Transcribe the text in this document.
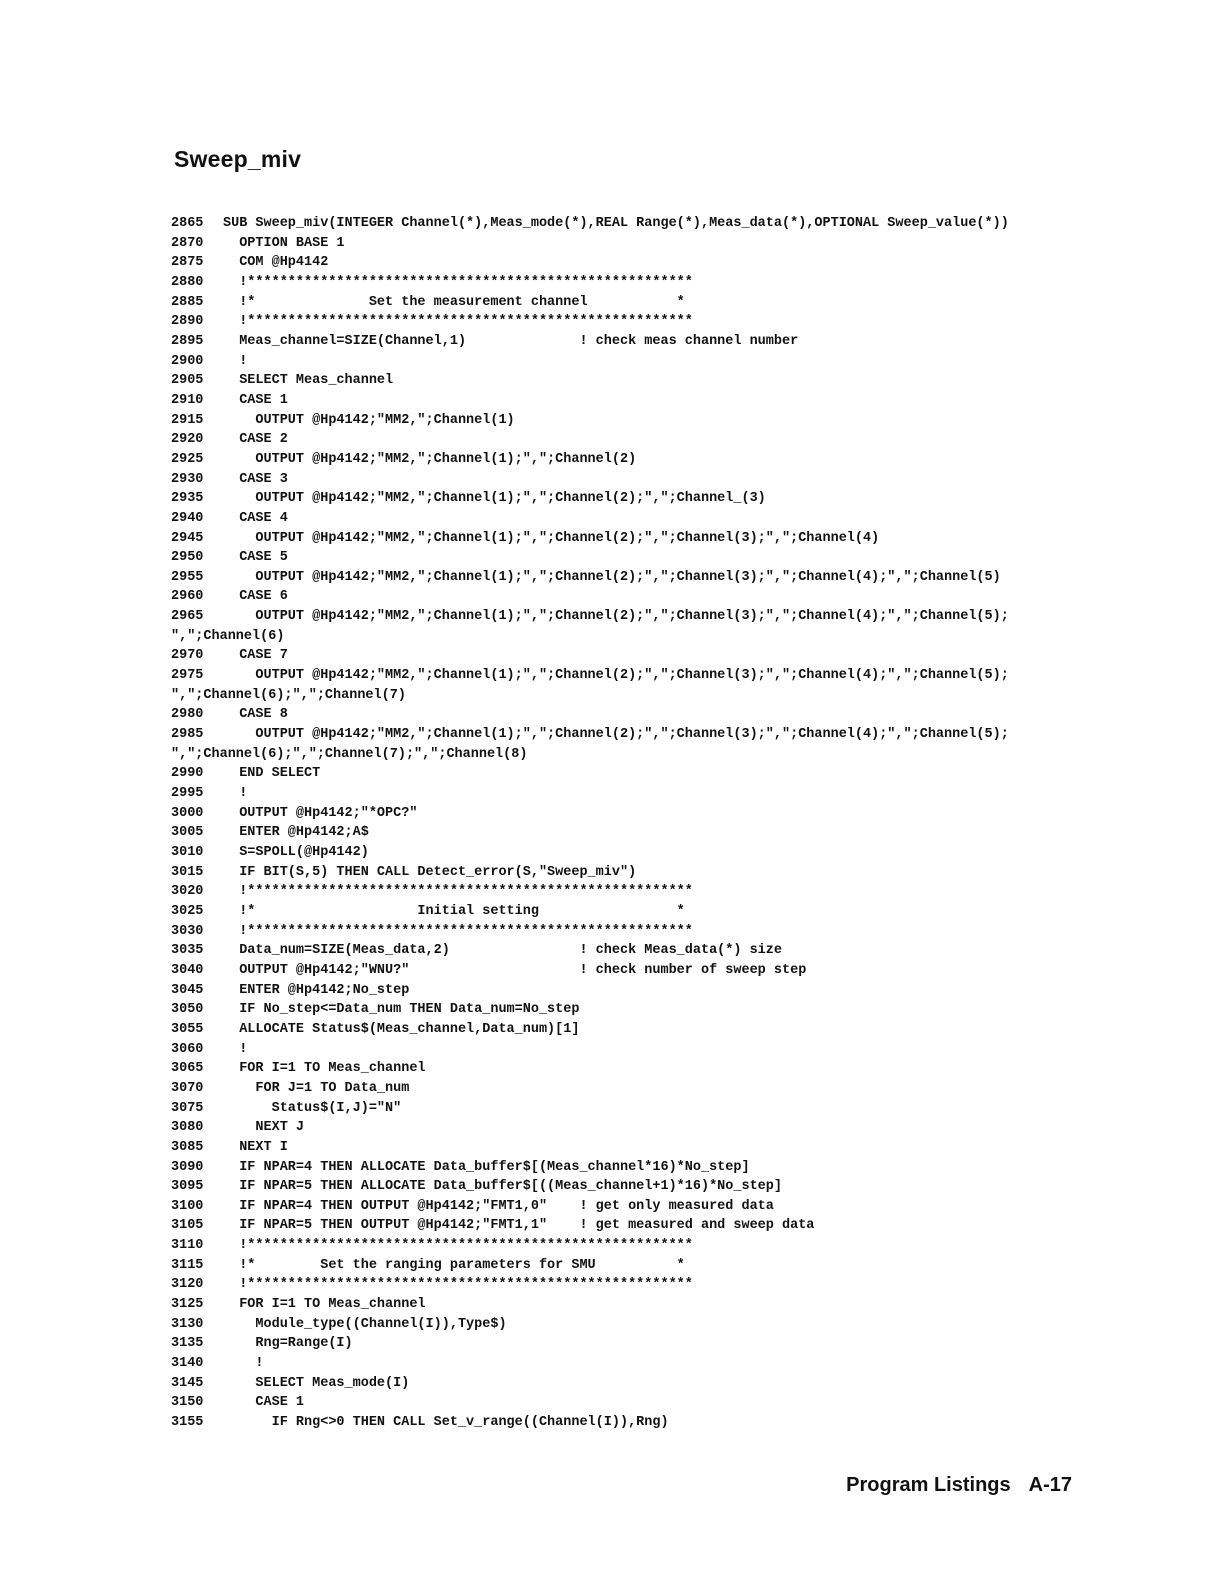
Sweep_miv
2865	SUB Sweep_miv(INTEGER Channel(*),Meas_mode(*),REAL Range(*),Meas_data(*),OPTIONAL Sweep_value(*))
2870	OPTION BASE 1
2875	COM @Hp4142
2880	!*******************************************************
2885	!*              Set the measurement channel           *
2890	!*******************************************************
2895	Meas_channel=SIZE(Channel,1)              ! check meas channel number
2900	!
2905	SELECT Meas_channel
2910	CASE 1
2915	OUTPUT @Hp4142;"MM2,";Channel(1)
2920	CASE 2
2925	OUTPUT @Hp4142;"MM2,";Channel(1);",";Channel(2)
2930	CASE 3
2935	OUTPUT @Hp4142;"MM2,";Channel(1);",";Channel(2);",";Channel_(3)
2940	CASE 4
2945	OUTPUT @Hp4142;"MM2,";Channel(1);",";Channel(2);",";Channel(3);",";Channel(4)
2950	CASE 5
2955	OUTPUT @Hp4142;"MM2,";Channel(1);",";Channel(2);",";Channel(3);",";Channel(4);",";Channel(5)
2960	CASE 6
2965	OUTPUT @Hp4142;"MM2,";Channel(1);",";Channel(2);",";Channel(3);",";Channel(4);",";Channel(5);
",";Channel(6)
2970	CASE 7
2975	OUTPUT @Hp4142;"MM2,";Channel(1);",";Channel(2);",";Channel(3);",";Channel(4);",";Channel(5);
",";Channel(6);",";Channel(7)
2980	CASE 8
2985	OUTPUT @Hp4142;"MM2,";Channel(1);",";Channel(2);",";Channel(3);",";Channel(4);",";Channel(5);
",";Channel(6);",";Channel(7);",";Channel(8)
2990	END SELECT
2995	!
3000	OUTPUT @Hp4142;"*OPC?"
3005	ENTER @Hp4142;A$
3010	S=SPOLL(@Hp4142)
3015	IF BIT(S,5) THEN CALL Detect_error(S,"Sweep_miv")
3020	!*******************************************************
3025	!*                    Initial setting                 *
3030	!*******************************************************
3035	Data_num=SIZE(Meas_data,2)                ! check Meas_data(*) size
3040	OUTPUT @Hp4142;"WNU?"                     ! check number of sweep step
3045	ENTER @Hp4142;No_step
3050	IF No_step<=Data_num THEN Data_num=No_step
3055	ALLOCATE Status$(Meas_channel,Data_num)[1]
3060	!
3065	FOR I=1 TO Meas_channel
3070	FOR J=1 TO Data_num
3075	Status$(I,J)="N"
3080	NEXT J
3085	NEXT I
3090	IF NPAR=4 THEN ALLOCATE Data_buffer$[(Meas_channel*16)*No_step]
3095	IF NPAR=5 THEN ALLOCATE Data_buffer$[((Meas_channel+1)*16)*No_step]
3100	IF NPAR=4 THEN OUTPUT @Hp4142;"FMT1,0"    ! get only measured data
3105	IF NPAR=5 THEN OUTPUT @Hp4142;"FMT1,1"    ! get measured and sweep data
3110	!*******************************************************
3115	!*        Set the ranging parameters for SMU          *
3120	!*******************************************************
3125	FOR I=1 TO Meas_channel
3130	Module_type((Channel(I)),Type$)
3135	Rng=Range(I)
3140	!
3145	SELECT Meas_mode(I)
3150	CASE 1
3155	IF Rng<>0 THEN CALL Set_v_range((Channel(I)),Rng)
Program Listings A-17
